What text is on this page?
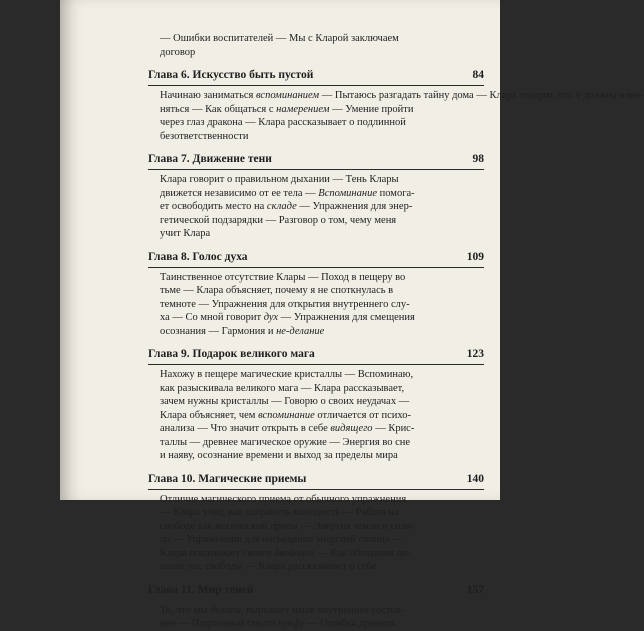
— Ошибки воспитателей — Мы с Кларой заключаем
договор
Глава 6. Искусство быть пустой	84
Начинаю заниматься вспоминанием — Пытаюсь разгадать тайну дома — Клара говорит, что я должна изме-
няться — Как общаться с намерением — Умение пройти
через глаз дракона — Клара рассказывает о подлинной
безответственности
Глава 7. Движение тени	98
Клара говорит о правильном дыхании — Тень Клары
движется независимо от ее тела — Вспоминание помога-
ет освободить место на складе — Упражнения для энер-
гетической подзарядки — Разговор о том, чему меня
учит Клара
Глава 8. Голос духа	109
Таинственное отсутствие Клары — Поход в пещеру во
тьме — Клара объясняет, почему я не споткнулась в
темноте — Упражнения для открытия внутреннего слу-
ха — Со мной говорит дух — Упражнения для смещения
осознания — Гармония и не-делание
Глава 9. Подарок великого мага	123
Нахожу в пещере магические кристаллы — Вспоминаю,
как разыскивала великого мага — Клара рассказывает,
зачем нужны кристаллы — Говорю о своих неудачах —
Клара объясняет, чем вспоминание отличается от психо-
анализа — Что значит открыть в себе видящего — Крис-
таллы — древнее магическое оружие — Энергия во сне
и наяву, осознание времени и выход за пределы мира
Глава 10. Магические приемы	140
Отличие магического приема от обычного упражнения
— Клара учит, как сохранить молодость — Работа на
свободе как магический прием — Энергия земли и солн-
ца — Упражнения для насыщения энергией солнца —
Клара показывает своего двойника — Как обещания ли-
шают нас свободы — Клара рассказывает о себе
Глава 11. Мир теней	157
То, что мы делаем, выражает наше внутреннее состоя-
ние — Подлинный смысл кунфу — Ошибка древних
